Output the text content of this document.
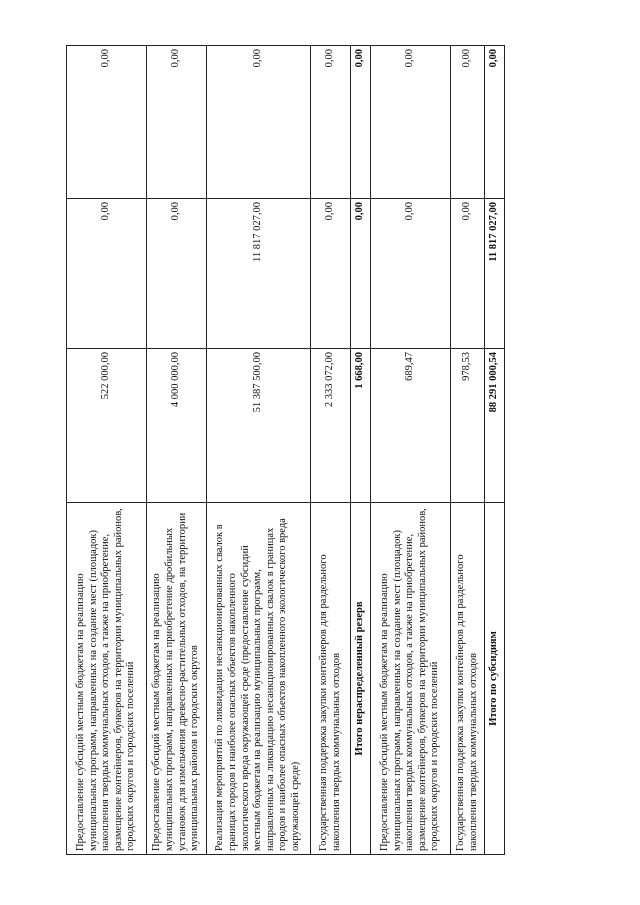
Предоставление субсидий местным бюджетам на реализацию муниципальных программ, направленных на создание мест (площадок) накопления твердых коммунальных отходов, а также на приобретение, размещение контейнеров, бункеров на территории муниципальных районов, городских округов и городских поселений	522 000,00	0,00	0,00
Предоставление субсидий местным бюджетам на реализацию муниципальных программ, направленных на приобретение дробильных установок для измельчения древесно-растительных отходов, на территории муниципальных районов и городских округов	4 000 000,00	0,00	0,00
Реализация мероприятий по ликвидации несанкционированных свалок в границах городов и наиболее опасных объектов накопленного экологического вреда окружающей среде (предоставление субсидий местным бюджетам на реализацию муниципальных программ, направленных на ликвидацию несанкционированных свалок в границах городов и наиболее опасных объектов накопленного экологического вреда окружающей среде)	51 387 500,00	11 817 027,00	0,00
Государственная поддержка закупки контейнеров для раздельного накопления твердых коммунальных отходов	2 333 072,00	0,00	0,00
Итого нераспределенный резерв	1 668,00	0,00	0,00
Предоставление субсидий местным бюджетам на реализацию муниципальных программ, направленных на создание мест (площадок) накопления твердых коммунальных отходов, а также на приобретение, размещение контейнеров, бункеров на территории муниципальных районов, городских округов и городских поселений	689,47	0,00	0,00
Государственная поддержка закупки контейнеров для раздельного накопления твердых коммунальных отходов	978,53	0,00	0,00
Итого по субсидиям	88 291 000,54	11 817 027,00	0,00
